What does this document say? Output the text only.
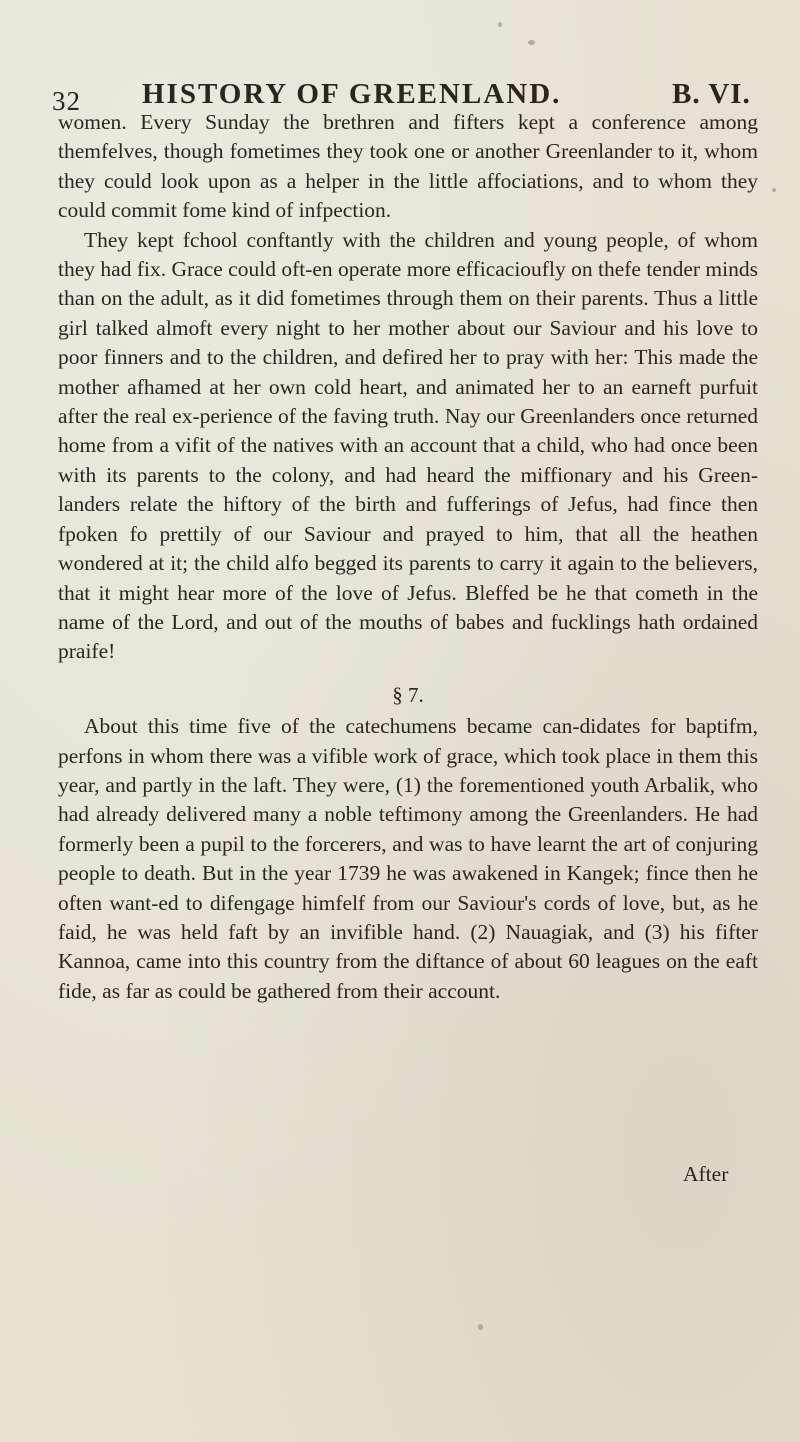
32 HISTORY OF GREENLAND.	B. VI.

women. Every Sunday the brethren and fifters kept a conference among themfelves, though fometimes they took one or another Greenlander to it, whom they could look upon as a helper in the little affociations, and to whom they could commit fome kind of infpection.

They kept fchool conftantly with the children and young people, of whom they had fix. Grace could oft-en operate more efficacioufly on thefe tender minds than on the adult, as it did fometimes through them on their parents. Thus a little girl talked almoft every night to her mother about our Saviour and his love to poor finners and to the children, and defired her to pray with her: This made the mother afhamed at her own cold heart, and animated her to an earneft purfuit after the real ex-perience of the faving truth. Nay our Greenlanders once returned home from a vifit of the natives with an account that a child, who had once been with its parents to the colony, and had heard the miffionary and his Green-landers relate the hiftory of the birth and fufferings of Jefus, had fince then fpoken fo prettily of our Saviour and prayed to him, that all the heathen wondered at it; the child alfo begged its parents to carry it again to the believers, that it might hear more of the love of Jefus. Bleffed be he that cometh in the name of the Lord, and out of the mouths of babes and fucklings hath ordained praife!

§ 7.

About this time five of the catechumens became can-didates for baptifm, perfons in whom there was a vifible work of grace, which took place in them this year, and partly in the laft. They were, (1) the forementioned youth Arbalik, who had already delivered many a noble teftimony among the Greenlanders. He had formerly been a pupil to the forcerers, and was to have learnt the art of conjuring people to death. But in the year 1739 he was awakened in Kangek; fince then he often want-ed to difengage himfelf from our Saviour's cords of love, but, as he faid, he was held faft by an invifible hand. (2) Nauagiak, and (3) his fifter Kannoa, came into this country from the diftance of about 60 leagues on the eaft fide, as far as could be gathered from their account.

After
